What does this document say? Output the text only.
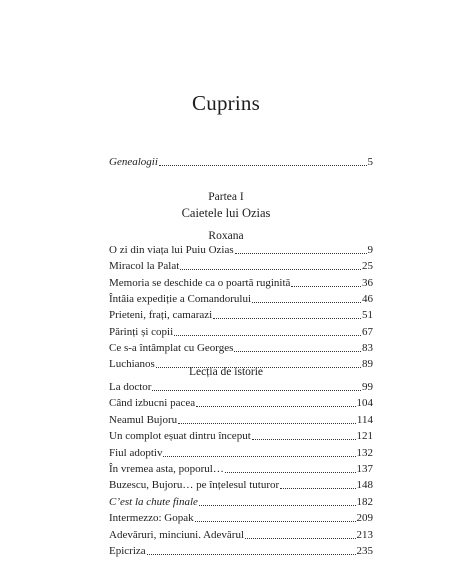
Cuprins
Genealogii	5
Partea I
Caietele lui Ozias
Roxana
O zi din viața lui Puiu Ozias	9
Miracol la Palat	25
Memoria se deschide ca o poartă ruginită	36
Întâia expediție a Comandorului	46
Prieteni, frați, camarazi	51
Părinți și copii	67
Ce s-a întâmplat cu Georges	83
Luchianos	89
Lecția de istorie
La doctor	99
Când izbucni pacea	104
Neamul Bujoru	114
Un complot eșuat dintru început	121
Fiul adoptiv	132
În vremea asta, poporul…	137
Buzescu, Bujoru… pe înțelesul tuturor	148
C’est la chute finale	182
Intermezzo: Gopak	209
Adevăruri, minciuni. Adevărul	213
Epicriza	235
